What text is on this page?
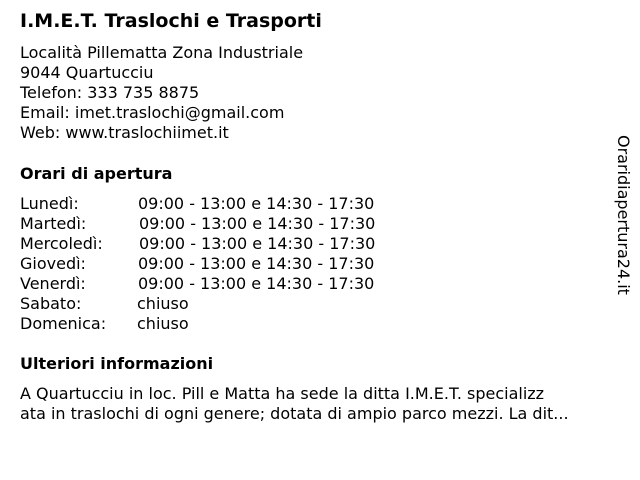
I.M.E.T. Traslochi e Trasporti
Località Pillematta Zona Industriale
9044 Quartucciu
Telefon: 333 735 8875
Email: imet.traslochi@gmail.com
Web: www.traslochiimet.it
Orari di apertura
Lunedì:	09:00 - 13:00 e 14:30 - 17:30
Martedì:	09:00 - 13:00 e 14:30 - 17:30
Mercoledì: 09:00 - 13:00 e 14:30 - 17:30
Giovedì:	09:00 - 13:00 e 14:30 - 17:30
Venerdì:	09:00 - 13:00 e 14:30 - 17:30
Sabato:	chiuso
Domenica: chiuso
Ulteriori informazioni
A Quartucciu in loc. Pill e Matta ha sede la ditta I.M.E.T. specializz
ata in traslochi di ogni genere; dotata di ampio parco mezzi. La dit...
Oraridiapertura24.it
